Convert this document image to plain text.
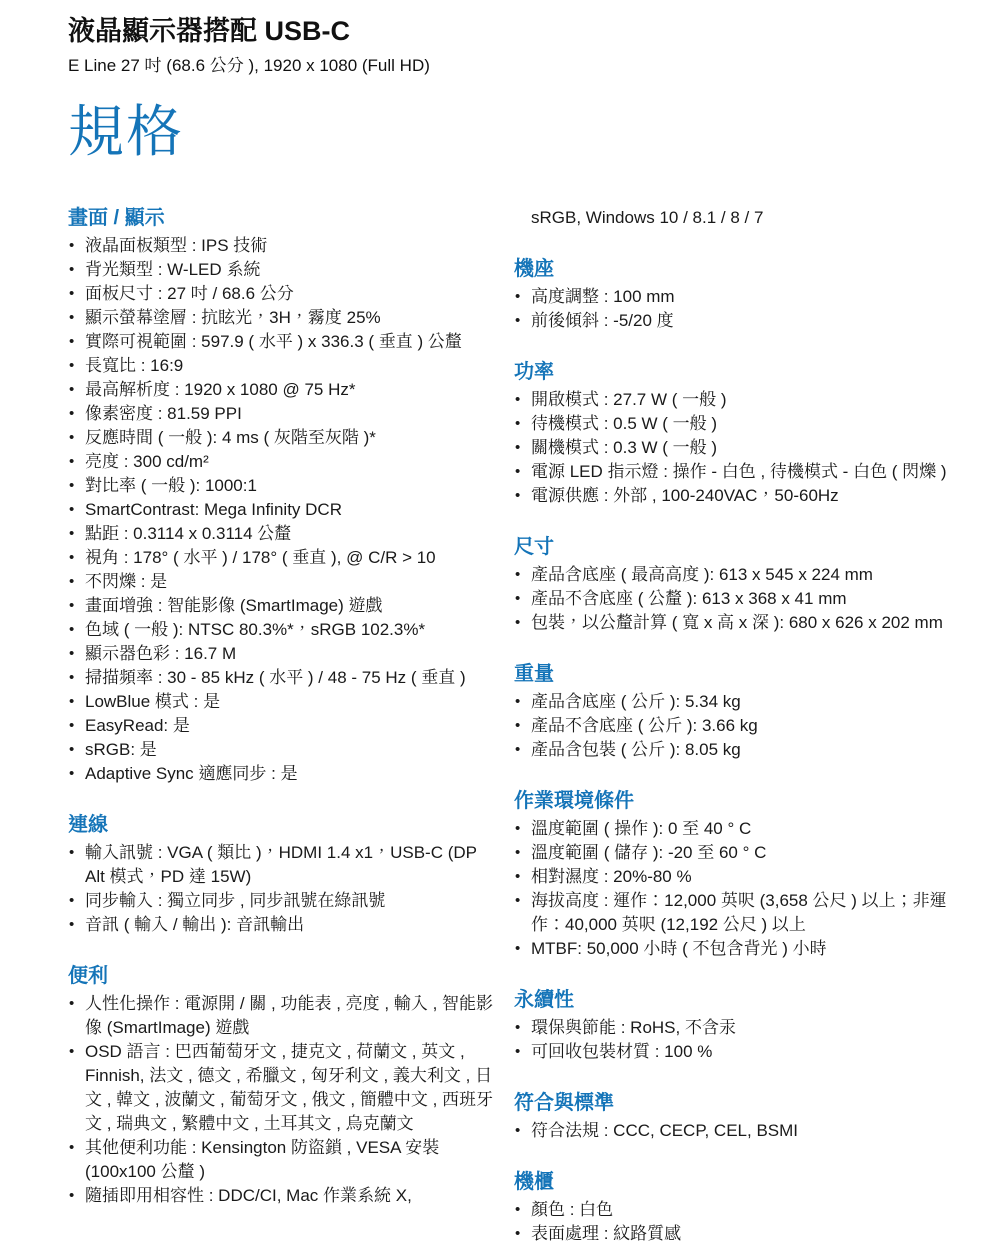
液晶顯示器搭配 USB-C

E Line 27 吋 (68.6 公分 ), 1920 x 1080 (Full HD)

規格
畫面 / 顯示
• 液晶面板類型 : IPS 技術
• 背光類型 : W-LED 系統
• 面板尺寸 : 27 吋 / 68.6 公分
• 顯示螢幕塗層 : 抗眩光，3H，霧度 25%
• 實際可視範圍 : 597.9 ( 水平 ) x 336.3 ( 垂直 ) 公釐
• 長寬比 : 16:9
• 最高解析度 : 1920 x 1080 @ 75 Hz*
• 像素密度 : 81.59 PPI
• 反應時間 ( 一般 ): 4 ms ( 灰階至灰階 )*
• 亮度 : 300 cd/m²
• 對比率 ( 一般 ): 1000:1
• SmartContrast: Mega Infinity DCR
• 點距 : 0.3114 x 0.3114 公釐
• 視角 : 178° ( 水平 ) / 178° ( 垂直 ), @ C/R > 10
• 不閃爍 : 是
• 畫面增強 : 智能影像 (SmartImage) 遊戲
• 色域 ( 一般 ): NTSC 80.3%*，sRGB 102.3%*
• 顯示器色彩 : 16.7 M
• 掃描頻率 : 30 - 85 kHz ( 水平 ) / 48 - 75 Hz ( 垂直 )
• LowBlue 模式 : 是
• EasyRead: 是
• sRGB: 是
• Adaptive Sync 適應同步 : 是
連線
• 輸入訊號 : VGA ( 類比 )，HDMI 1.4 x1，USB-C (DP Alt 模式，PD 達 15W)
• 同步輸入 : 獨立同步 , 同步訊號在綠訊號
• 音訊 ( 輸入 / 輸出 ): 音訊輸出
便利
• 人性化操作 : 電源開 / 關 , 功能表 , 亮度 , 輸入 , 智能影像 (SmartImage) 遊戲
• OSD 語言 : 巴西葡萄牙文 , 捷克文 , 荷蘭文 , 英文 , Finnish, 法文 , 德文 , 希臘文 , 匈牙利文 , 義大利文 , 日文 , 韓文 , 波蘭文 , 葡萄牙文 , 俄文 , 簡體中文 , 西班牙文 , 瑞典文 , 繁體中文 , 土耳其文 , 烏克蘭文
• 其他便利功能 : Kensington 防盜鎖 , VESA 安裝 (100x100 公釐 )
• 隨插即用相容性 : DDC/CI, Mac 作業系統 X,

sRGB, Windows 10 / 8.1 / 8 / 7

機座
• 高度調整 : 100 mm
• 前後傾斜 : -5/20 度
功率
• 開啟模式 : 27.7 W ( 一般 )
• 待機模式 : 0.5 W ( 一般 )
• 關機模式 : 0.3 W ( 一般 )
• 電源 LED 指示燈 : 操作 - 白色 , 待機模式 - 白色 ( 閃爍 )
• 電源供應 : 外部 , 100-240VAC，50-60Hz
尺寸
• 產品含底座 ( 最高高度 ): 613 x 545 x 224 mm
• 產品不含底座 ( 公釐 ): 613 x 368 x 41 mm
• 包裝，以公釐計算 ( 寬 x 高 x 深 ): 680 x 626 x 202 mm
重量
• 產品含底座 ( 公斤 ): 5.34 kg
• 產品不含底座 ( 公斤 ): 3.66 kg
• 產品含包裝 ( 公斤 ): 8.05 kg
作業環境條件
• 溫度範圍 ( 操作 ): 0 至 40 ° C
• 溫度範圍 ( 儲存 ): -20 至 60 ° C
• 相對濕度 : 20%-80 %
• 海拔高度 : 運作：12,000 英呎 (3,658 公尺 ) 以上；非運作：40,000 英呎 (12,192 公尺 ) 以上
• MTBF: 50,000 小時 ( 不包含背光 ) 小時
永續性
• 環保與節能 : RoHS, 不含汞
• 可回收包裝材質 : 100 %
符合與標準
• 符合法規 : CCC, CECP, CEL, BSMI
機櫃
• 顏色 : 白色
• 表面處理 : 紋路質感
